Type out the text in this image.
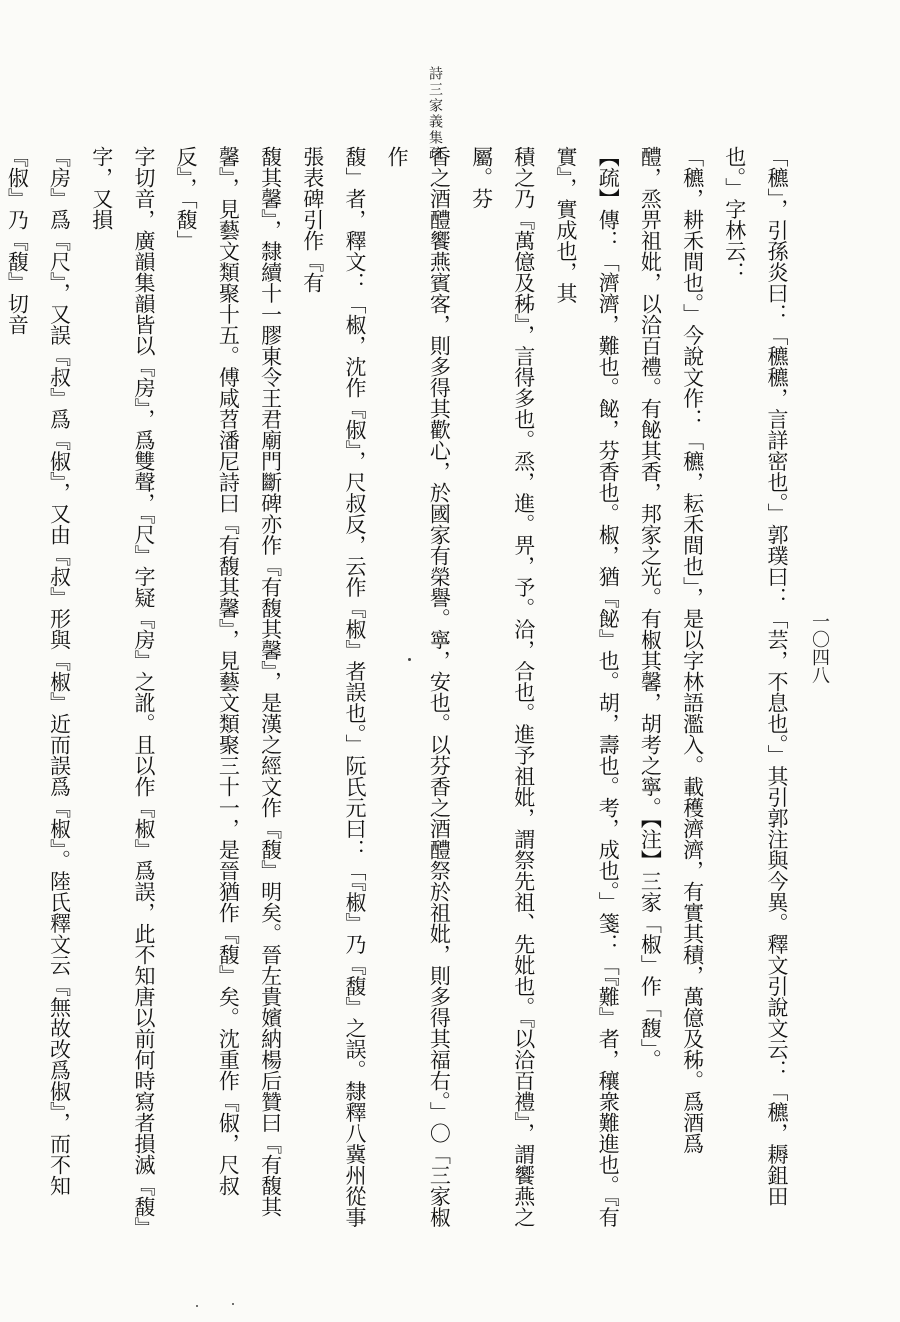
詩三家義集疏
一〇四八

「穮」，引孫炎曰：「穮穮，言詳密也。」郭璞曰：「芸，不息也。」其引郭注與今異。釋文引說文云：「穮，耨鉏田也。」字林云：

「穮，耕禾間也。」今說文作：「穮，耘禾間也」，是以字林語濫入。載穫濟濟，有實其積，萬億及秭。爲酒爲

醴，烝畀祖妣，以洽百禮。有飶其香，邦家之光。有椒其馨，胡考之寧。【注】三家「椒」作「馥」。

【疏】傳：「濟濟，難也。飶，芬香也。椒，猶『飶』也。胡，壽也。考，成也。」箋：「『難』者，穰衆難進也。『有實』，實成也，其

積之乃『萬億及秭』，言得多也。烝，進。畀，予。洽，合也。進予祖妣，謂祭先祖、先妣也。『以洽百禮』，謂饗燕之屬。芬

香之酒醴饗燕賓客，則多得其歡心，於國家有榮譽。寧，安也。以芬香之酒醴祭於祖妣，則多得其福右。」〇「三家椒作

馥」者，釋文：「椒，沈作『俶』，尺叔反，云作『椒』者誤也。」阮氏元曰：「『椒』乃『馥』之誤。隸釋八冀州從事張表碑引作『有

馥其馨』，隸續十一膠東令王君廟門斷碑亦作『有馥其馨』，是漢之經文作『馥』明矣。晉左貴嬪納楊后贊曰『有馥其

馨』，見藝文類聚十五。傅咸苕潘尼詩曰『有馥其馨』，見藝文類聚三十一，是晉猶作『馥』矣。沈重作『俶，尺叔反』，「馥」

字切音，廣韻集韻皆以『房』，爲雙聲，『尺』字疑『房』之訛。且以作『椒』爲誤，此不知唐以前何時寫者損滅『馥』字，又損

『房』爲『尺』，又誤『叔』爲『俶』，又由『叔』形與『椒』近而誤爲『椒』。陸氏釋文云『無故改爲俶』，而不知『俶』乃『馥』切音
